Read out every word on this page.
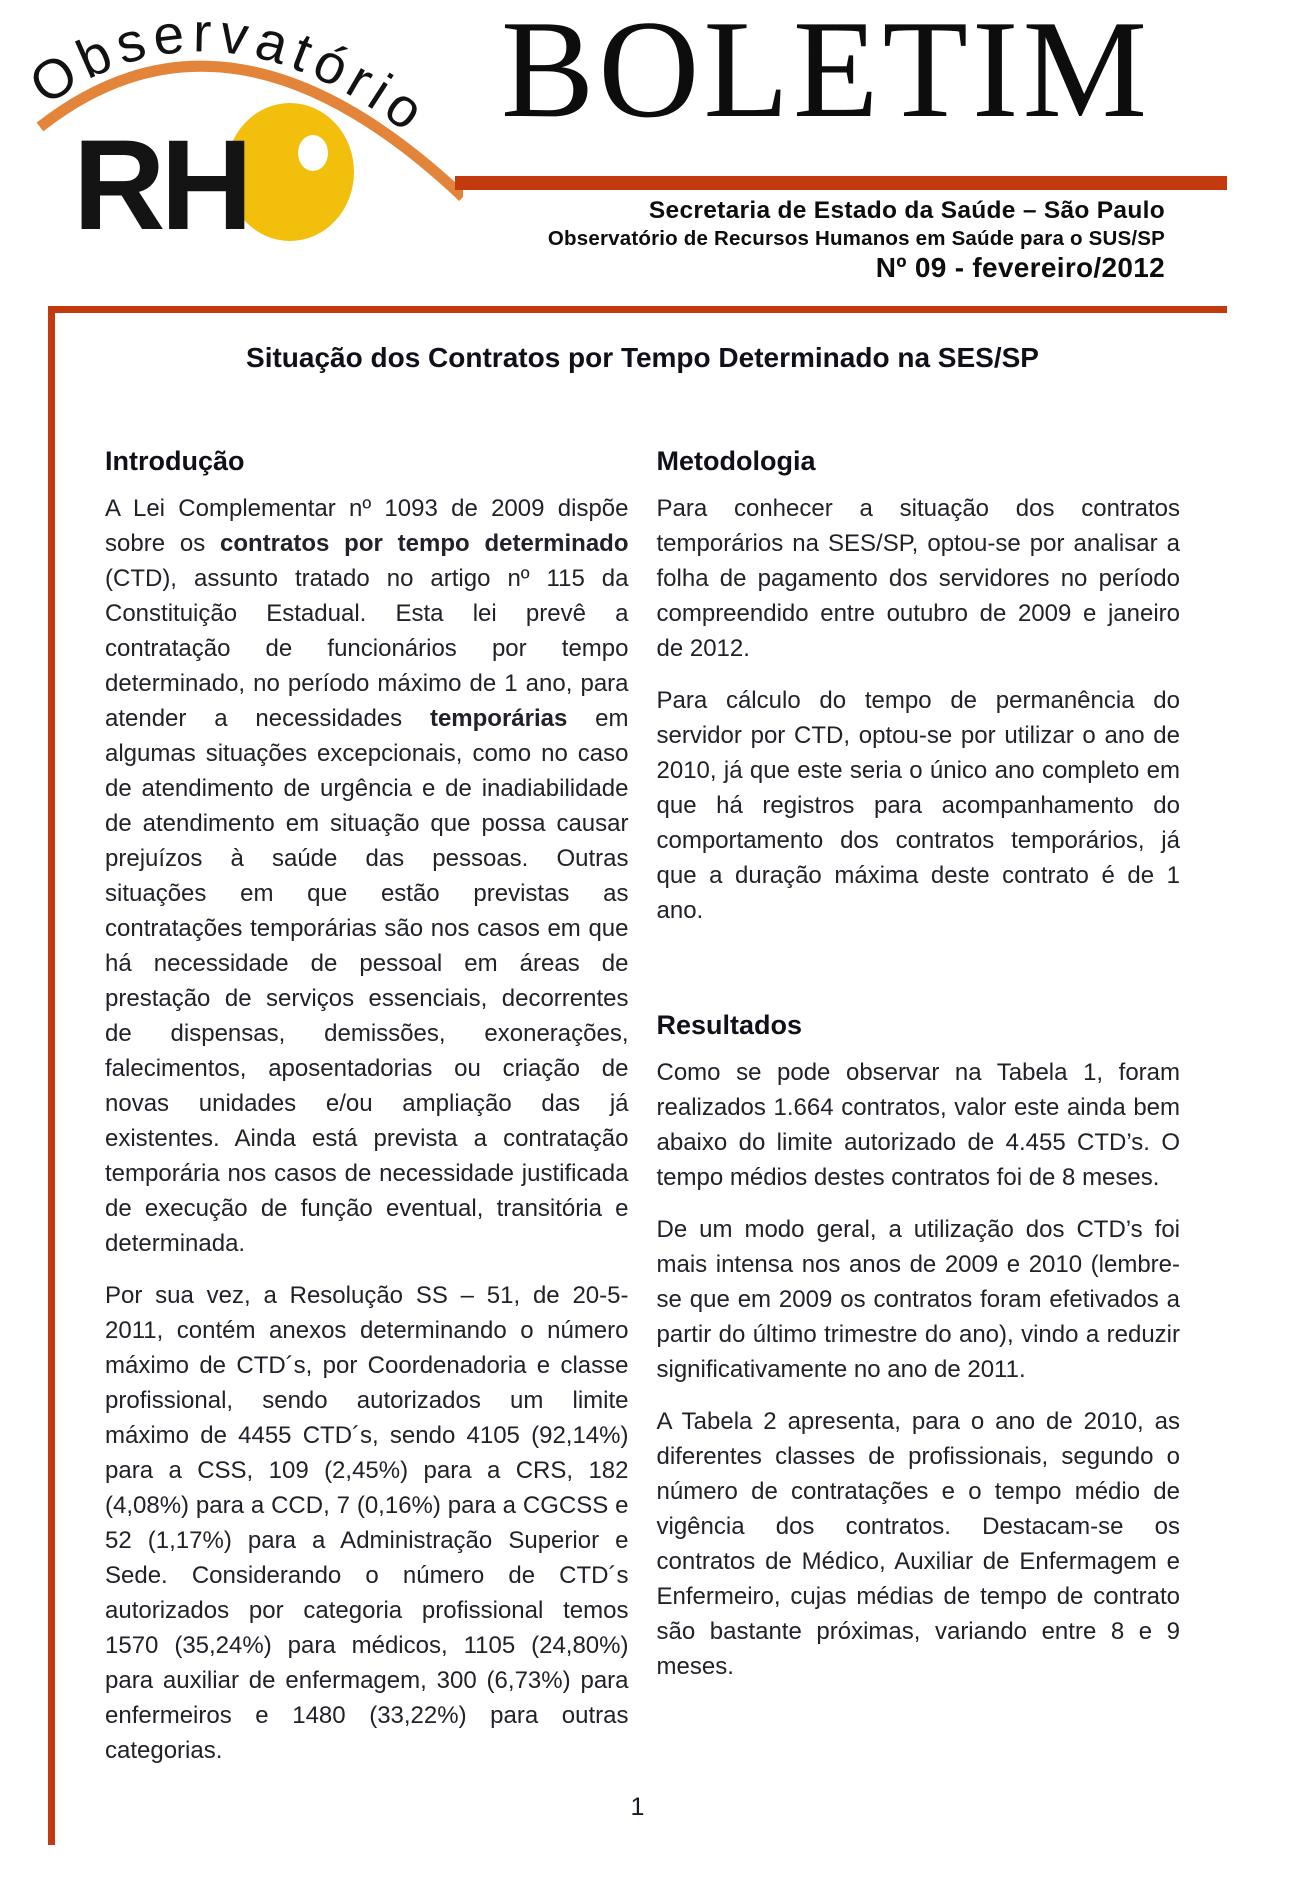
Observatório
RH
BOLETIM
Secretaria de Estado da Saúde – São Paulo
Observatório de Recursos Humanos em Saúde para o SUS/SP
Nº 09 - fevereiro/2012
Situação dos Contratos por Tempo Determinado na SES/SP
Introdução

A Lei Complementar nº 1093 de 2009 dispõe sobre os contratos por tempo determinado (CTD), assunto tratado no artigo nº 115 da Constituição Estadual. Esta lei prevê a contratação de funcionários por tempo determinado, no período máximo de 1 ano, para atender a necessidades temporárias em algumas situações excepcionais, como no caso de atendimento de urgência e de inadiabilidade de atendimento em situação que possa causar prejuízos à saúde das pessoas. Outras situações em que estão previstas as contratações temporárias são nos casos em que há necessidade de pessoal em áreas de prestação de serviços essenciais, decorrentes de dispensas, demissões, exonerações, falecimentos, aposentadorias ou criação de novas unidades e/ou ampliação das já existentes. Ainda está prevista a contratação temporária nos casos de necessidade justificada de execução de função eventual, transitória e determinada.

Por sua vez, a Resolução SS – 51, de 20-5-2011, contém anexos determinando o número máximo de CTD´s, por Coordenadoria e classe profissional, sendo autorizados um limite máximo de 4455 CTD´s, sendo 4105 (92,14%) para a CSS, 109 (2,45%) para a CRS, 182 (4,08%) para a CCD, 7 (0,16%) para a CGCSS e 52 (1,17%) para a Administração Superior e Sede. Considerando o número de CTD´s autorizados por categoria profissional temos 1570 (35,24%) para médicos, 1105 (24,80%) para auxiliar de enfermagem, 300 (6,73%) para enfermeiros e 1480 (33,22%) para outras categorias.

Metodologia

Para conhecer a situação dos contratos temporários na SES/SP, optou-se por analisar a folha de pagamento dos servidores no período compreendido entre outubro de 2009 e janeiro de 2012.

Para cálculo do tempo de permanência do servidor por CTD, optou-se por utilizar o ano de 2010, já que este seria o único ano completo em que há registros para acompanhamento do comportamento dos contratos temporários, já que a duração máxima deste contrato é de 1 ano.

Resultados

Como se pode observar na Tabela 1, foram realizados 1.664 contratos, valor este ainda bem abaixo do limite autorizado de 4.455 CTD’s. O tempo médios destes contratos foi de 8 meses.

De um modo geral, a utilização dos CTD’s foi mais intensa nos anos de 2009 e 2010 (lembre-se que em 2009 os contratos foram efetivados a partir do último trimestre do ano), vindo a reduzir significativamente no ano de 2011.

A Tabela 2 apresenta, para o ano de 2010, as diferentes classes de profissionais, segundo o número de contratações e o tempo médio de vigência dos contratos. Destacam-se os contratos de Médico, Auxiliar de Enfermagem e Enfermeiro, cujas médias de tempo de contrato são bastante próximas, variando entre 8 e 9 meses.

1
